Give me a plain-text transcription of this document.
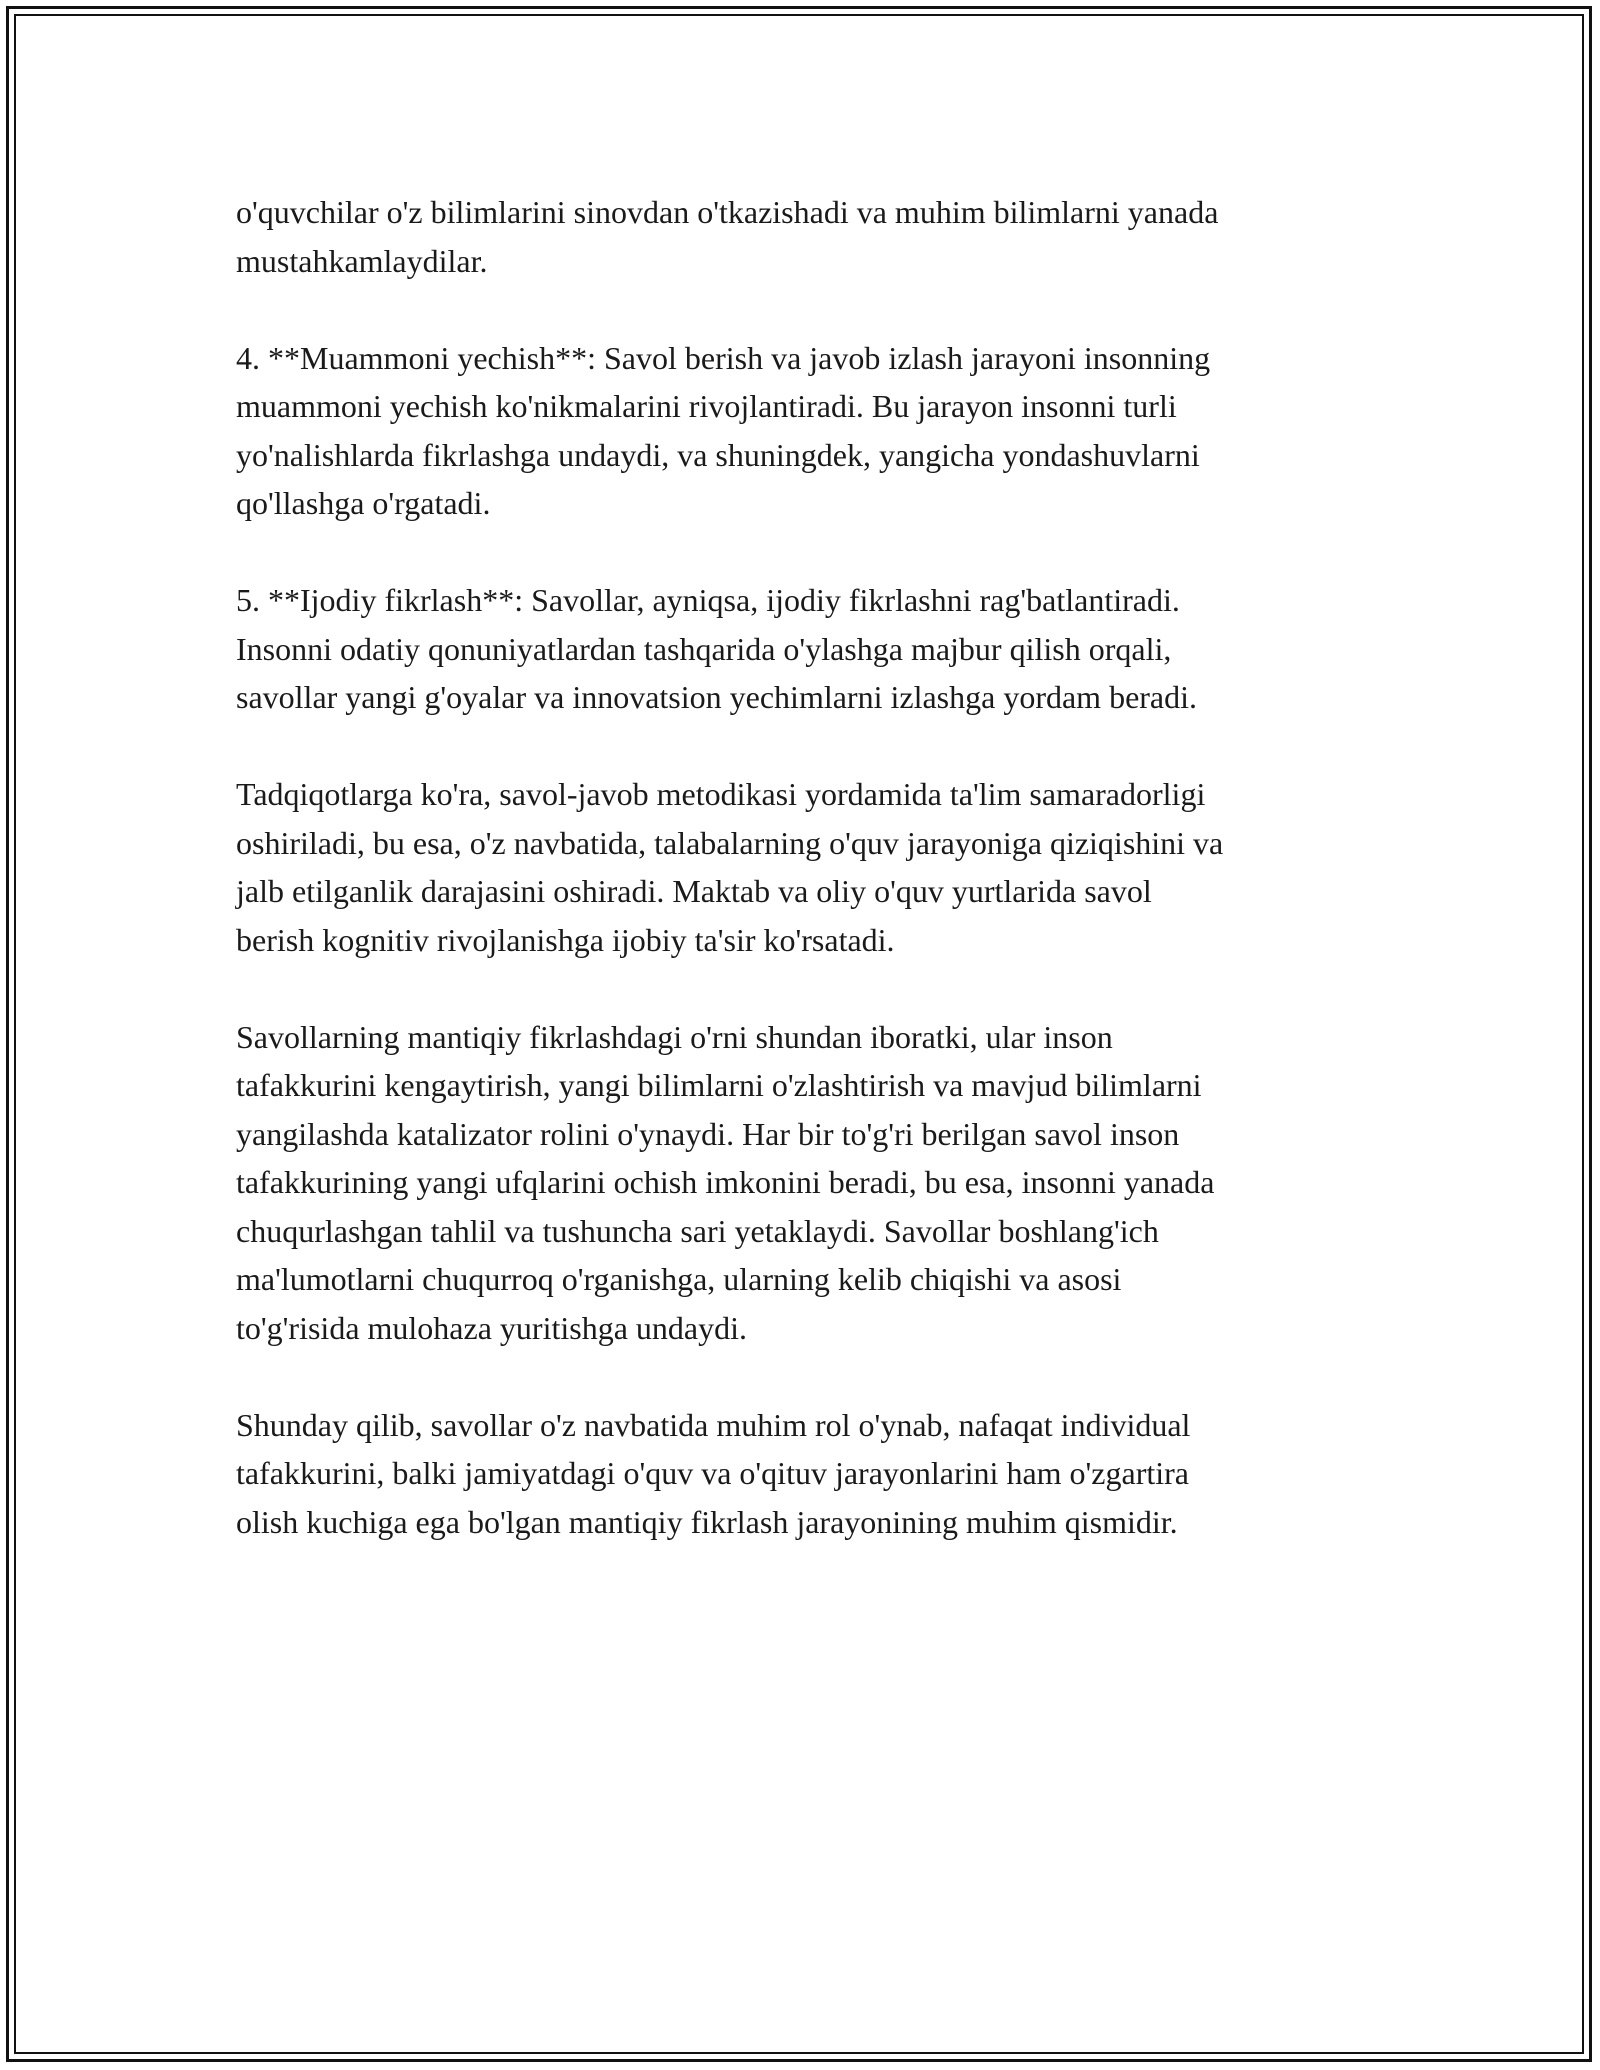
o'quvchilar o'z bilimlarini sinovdan o'tkazishadi va muhim bilimlarni yanada
mustahkamlaydilar.

4. **Muammoni yechish**: Savol berish va javob izlash jarayoni insonning
muammoni yechish ko'nikmalarini rivojlantiradi. Bu jarayon insonni turli
yo'nalishlarda fikrlashga undaydi, va shuningdek, yangicha yondashuvlarni
qo'llashga o'rgatadi.

5. **Ijodiy fikrlash**: Savollar, ayniqsa, ijodiy fikrlashni rag'batlantiradi.
Insonni odatiy qonuniyatlardan tashqarida o'ylashga majbur qilish orqali,
savollar yangi g'oyalar va innovatsion yechimlarni izlashga yordam beradi.

Tadqiqotlarga ko'ra, savol-javob metodikasi yordamida ta'lim samaradorligi
oshiriladi, bu esa, o'z navbatida, talabalarning o'quv jarayoniga qiziqishini va
jalb etilganlik darajasini oshiradi. Maktab va oliy o'quv yurtlarida savol
berish kognitiv rivojlanishga ijobiy ta'sir ko'rsatadi.

Savollarning mantiqiy fikrlashdagi o'rni shundan iboratki, ular inson
tafakkurini kengaytirish, yangi bilimlarni o'zlashtirish va mavjud bilimlarni
yangilashda katalizator rolini o'ynaydi. Har bir to'g'ri berilgan savol inson
tafakkurining yangi ufqlarini ochish imkonini beradi, bu esa, insonni yanada
chuqurlashgan tahlil va tushuncha sari yetaklaydi. Savollar boshlang'ich
ma'lumotlarni chuqurroq o'rganishga, ularning kelib chiqishi va asosi
to'g'risida mulohaza yuritishga undaydi.

Shunday qilib, savollar o'z navbatida muhim rol o'ynab, nafaqat individual
tafakkurini, balki jamiyatdagi o'quv va o'qituv jarayonlarini ham o'zgartira
olish kuchiga ega bo'lgan mantiqiy fikrlash jarayonining muhim qismidir.
